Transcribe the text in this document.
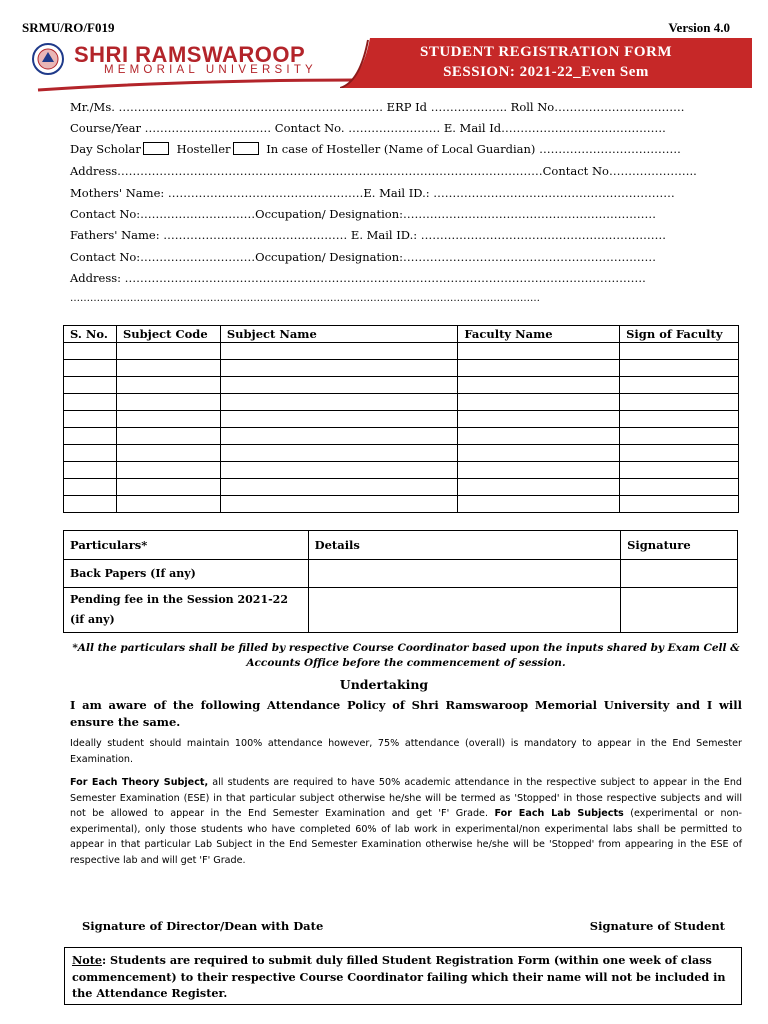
SRMU/RO/F019	Version 4.0
SHRI RAMSWAROOP
MEMORIAL UNIVERSITY
STUDENT REGISTRATION FORM
SESSION: 2021-22_Even Sem
Mr./Ms. …………………………………………………………… ERP Id ……………….. Roll No…………………………….
Course/Year …………………………… Contact No. …………………… E. Mail Id…………………………………….
Day Scholar	Hosteller	In case of Hosteller (Name of Local Guardian) ……………………………….
Address…………………………………………………………………………………………………Contact No…………………..
Mothers' Name: ……………………………………………E. Mail ID.: ………………………………………………………
Contact No:…………………………Occupation/ Designation:…………………………………………………………
Fathers' Name: ………………………………………… E. Mail ID.: ……………………………………………………….
Contact No:…………………………Occupation/ Designation:…………………………………………………………
Address: ……………………………………………………………………………………………………………………….
……………………………………………………………………………………………………………………………
S. No.	Subject Code	Subject Name	Faculty Name	Sign of Faculty

Particulars*	Details	Signature
Back Papers (If any)		
Pending fee in the Session 2021-22
(if any)		
*All the particulars shall be filled by respective Course Coordinator based upon the inputs shared by Exam Cell & Accounts Office before the commencement of session.
Undertaking
I am aware of the following Attendance Policy of Shri Ramswaroop Memorial University and I will ensure the same.
Ideally student should maintain 100% attendance however, 75% attendance (overall) is mandatory to appear in the End Semester Examination.
For Each Theory Subject, all students are required to have 50% academic attendance in the respective subject to appear in the End Semester Examination (ESE) in that particular subject otherwise he/she will be termed as 'Stopped' in those respective subjects and will not be allowed to appear in the End Semester Examination and get 'F' Grade. For Each Lab Subjects (experimental or non-experimental), only those students who have completed 60% of lab work in experimental/non experimental labs shall be permitted to appear in that particular Lab Subject in the End Semester Examination otherwise he/she will be 'Stopped' from appearing in the ESE of respective lab and will get 'F' Grade.
Signature of Director/Dean with Date	Signature of Student
Note: Students are required to submit duly filled Student Registration Form (within one week of class commencement) to their respective Course Coordinator failing which their name will not be included in the Attendance Register.
